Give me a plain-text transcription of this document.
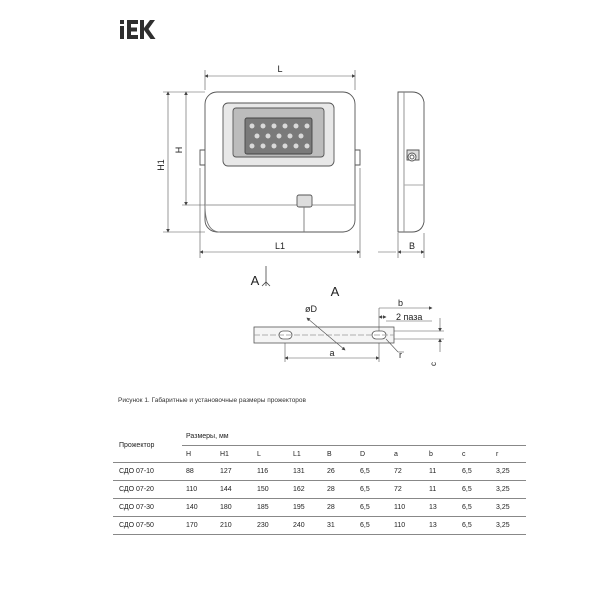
L
L1
H
H1
B
A
A
øD
b
2 паза
a	r
c
Рисунок 1. Габаритные и установочные размеры прожекторов
Прожектор	Размеры, мм									
	H	H1	L	L1	B	D	a	b	c	r
СДО 07-10	88	127	116	131	26	6,5	72	11	6,5	3,25
СДО 07-20	110	144	150	162	28	6,5	72	11	6,5	3,25
СДО 07-30	140	180	185	195	28	6,5	110	13	6,5	3,25
СДО 07-50	170	210	230	240	31	6,5	110	13	6,5	3,25
